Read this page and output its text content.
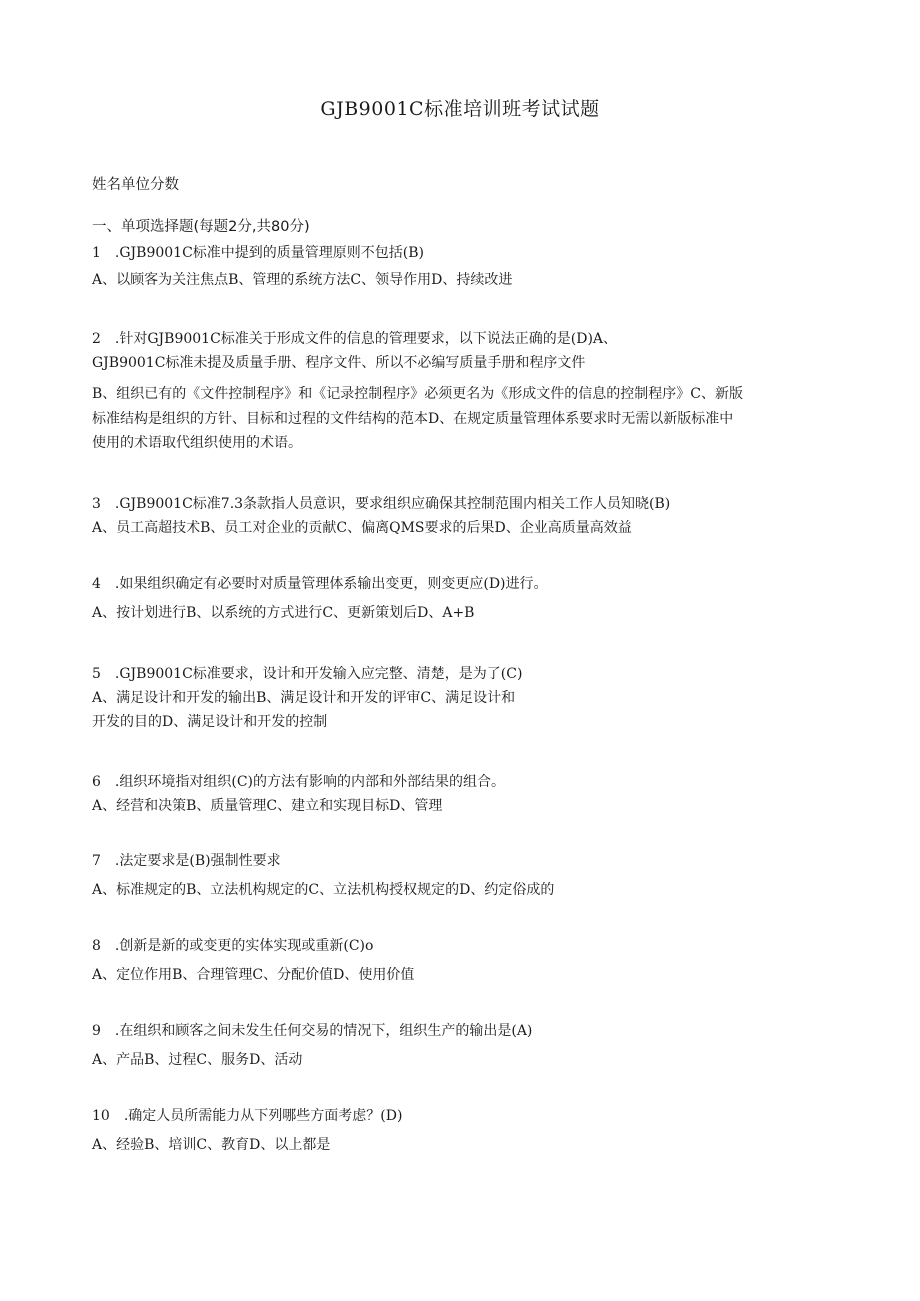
GJB9001C标准培训班考试试题
姓名单位分数
一、单项选择题(每题2分,共80分)
1　.GJB9001C标准中提到的质量管理原则不包括(B)
A、以顾客为关注焦点B、管理的系统方法C、领导作用D、持续改进
2　.针对GJB9001C标准关于形成文件的信息的管理要求，以下说法正确的是(D)A、
GJB9001C标准未提及质量手册、程序文件、所以不必编写质量手册和程序文件
B、组织已有的《文件控制程序》和《记录控制程序》必须更名为《形成文件的信息的控制程序》C、新版
标准结构是组织的方针、目标和过程的文件结构的范本D、在规定质量管理体系要求时无需以新版标准中
使用的术语取代组织使用的术语。
3　.GJB9001C标准7.3条款指人员意识，要求组织应确保其控制范围内相关工作人员知晓(B)
A、员工高超技术B、员工对企业的贡献C、偏离QMS要求的后果D、企业高质量高效益
4　.如果组织确定有必要时对质量管理体系输出变更，则变更应(D)进行。
A、按计划进行B、以系统的方式进行C、更新策划后D、A+B
5　.GJB9001C标准要求，设计和开发输入应完整、清楚，是为了(C)
A、满足设计和开发的输出B、满足设计和开发的评审C、满足设计和
开发的目的D、满足设计和开发的控制
6　.组织环境指对组织(C)的方法有影响的内部和外部结果的组合。
A、经营和决策B、质量管理C、建立和实现目标D、管理
7　.法定要求是(B)强制性要求
A、标准规定的B、立法机构规定的C、立法机构授权规定的D、约定俗成的
8　.创新是新的或变更的实体实现或重新(C)o
A、定位作用B、合理管理C、分配价值D、使用价值
9　.在组织和顾客之间未发生任何交易的情况下，组织生产的输出是(A)
A、产品B、过程C、服务D、活动
10　.确定人员所需能力从下列哪些方面考虑？(D)
A、经验B、培训C、教育D、以上都是
